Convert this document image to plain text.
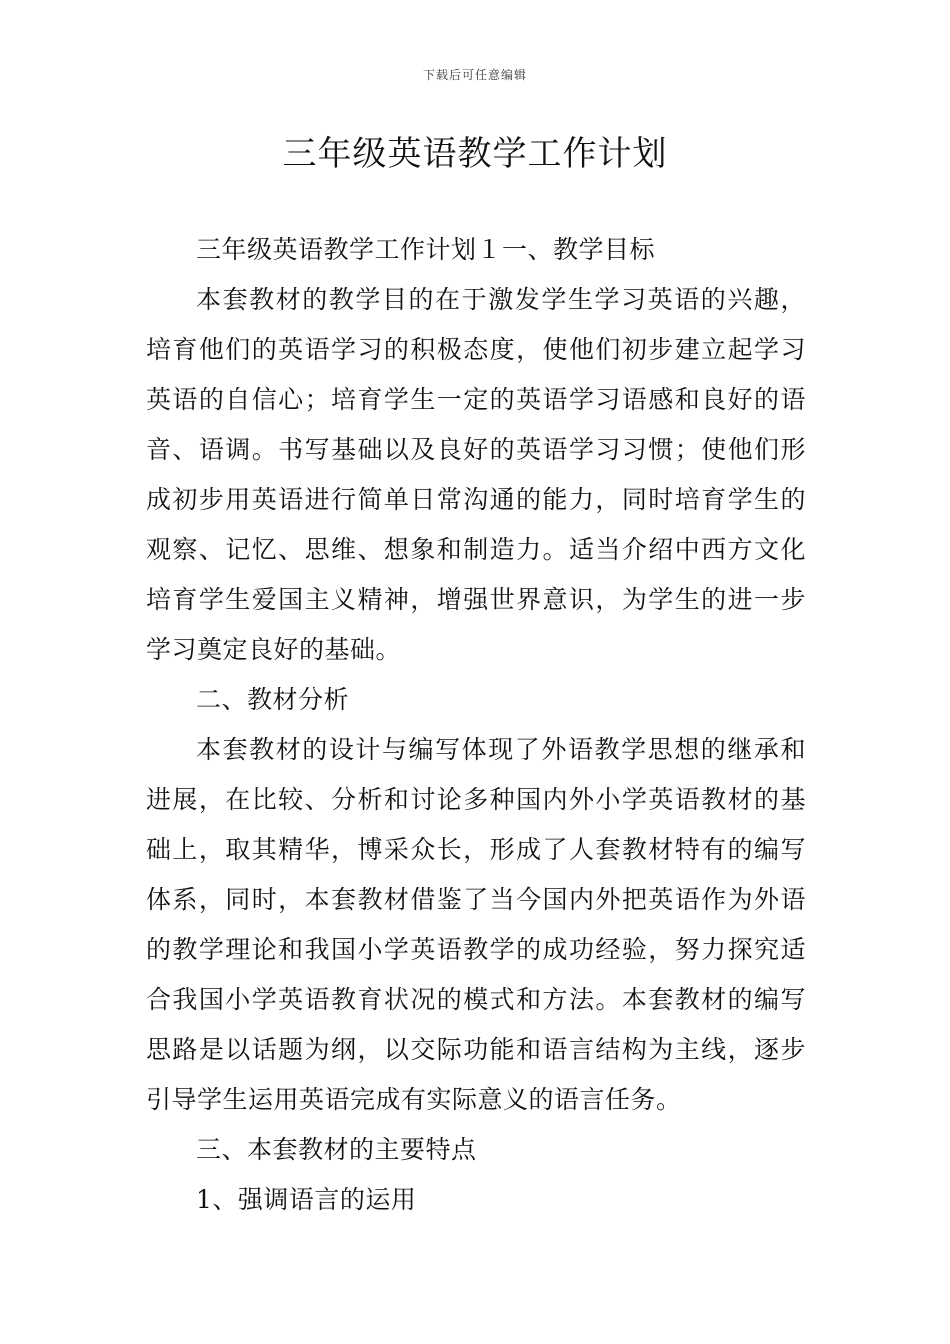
下载后可任意编辑
三年级英语教学工作计划

三年级英语教学工作计划１一、教学目标

本套教材的教学目的在于激发学生学习英语的兴趣，培育他们的英语学习的积极态度，使他们初步建立起学习英语的自信心；培育学生一定的英语学习语感和良好的语音、语调。书写基础以及良好的英语学习习惯；使他们形成初步用英语进行简单日常沟通的能力，同时培育学生的观察、记忆、思维、想象和制造力。适当介绍中西方文化培育学生爱国主义精神，增强世界意识，为学生的进一步学习奠定良好的基础。

二、教材分析

本套教材的设计与编写体现了外语教学思想的继承和进展，在比较、分析和讨论多种国内外小学英语教材的基础上，取其精华，博采众长，形成了人套教材特有的编写体系，同时，本套教材借鉴了当今国内外把英语作为外语的教学理论和我国小学英语教学的成功经验，努力探究适合我国小学英语教育状况的模式和方法。本套教材的编写思路是以话题为纲，以交际功能和语言结构为主线，逐步引导学生运用英语完成有实际意义的语言任务。

三、本套教材的主要特点

1、强调语言的运用
